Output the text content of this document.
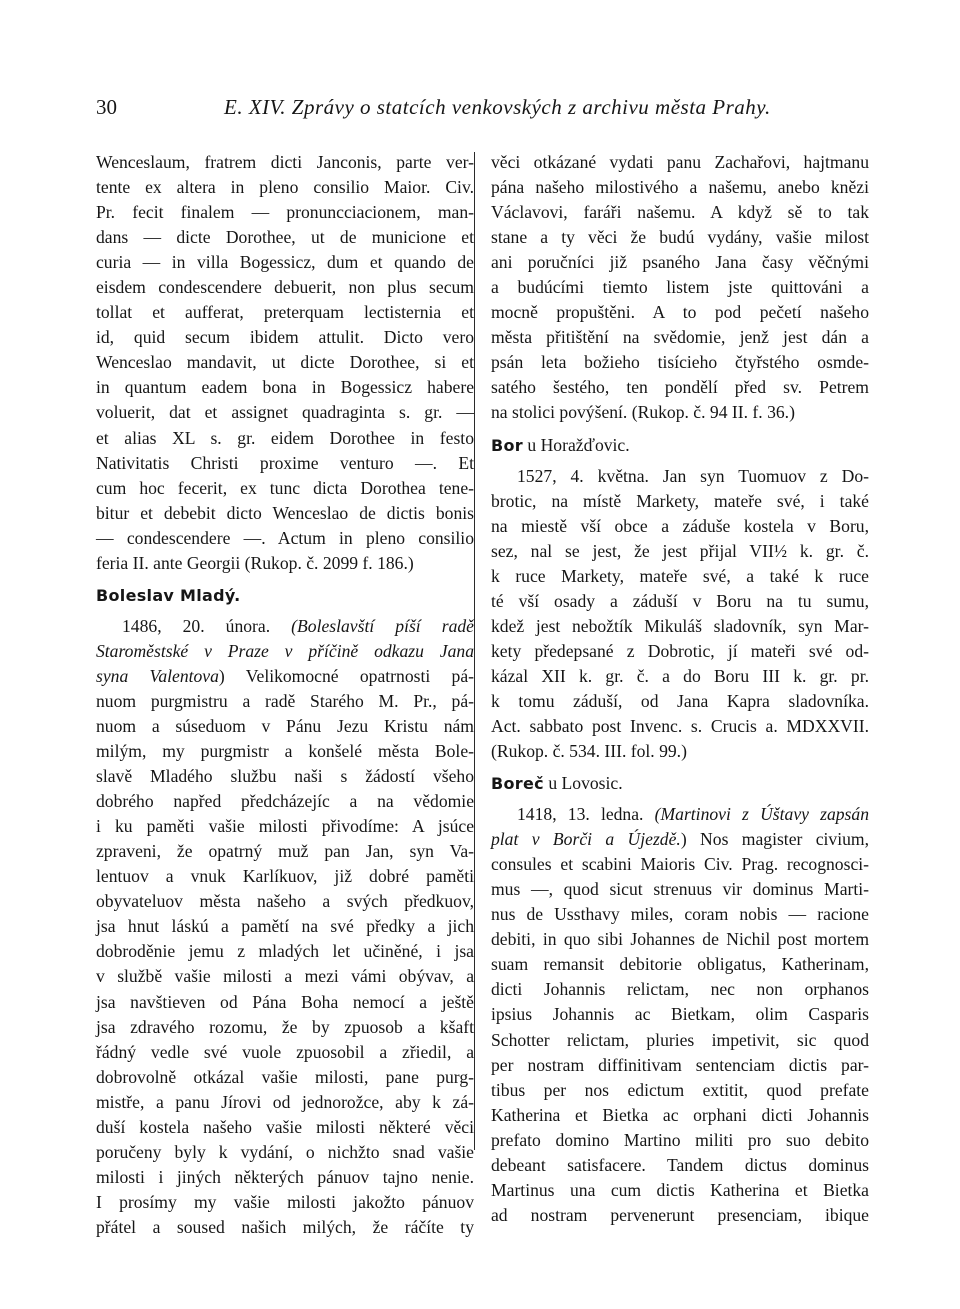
30	E. XIV. Zprávy o statcích venkovských z archivu města Prahy.
Wenceslaum, fratrem dicti Janconis, parte ver-
tente ex altera in pleno consilio Maior. Civ.
Pr. fecit finalem — pronuncciacionem, man-
dans — dicte Dorothee, ut de municione et
curia — in villa Bogessicz, dum et quando de
eisdem condescendere debuerit, non plus secum
tollat et aufferat, preterquam lectisternia et
id, quid secum ibidem attulit. Dicto vero
Wenceslao mandavit, ut dicte Dorothee, si et
in quantum eadem bona in Bogessicz habere
voluerit, dat et assignet quadraginta s. gr. —
et alias XL s. gr. eidem Dorothee in festo
Nativitatis Christi proxime venturo —. Et
cum hoc fecerit, ex tunc dicta Dorothea tene-
bitur et debebit dicto Wenceslao de dictis bonis
— condescendere —. Actum in pleno consilio
feria II. ante Georgii (Rukop. č. 2099 f. 186.)
Boleslav Mladý.
1486, 20. února. (Boleslavští píší radě
Staroměstské v Praze v příčině odkazu Jana
syna Valentova) Velikomocné opatrnosti pá-
nuom purgmistru a radě Starého M. Pr., pá-
nuom a súseduom v Pánu Jezu Kristu nám
milým, my purgmistr a konšelé města Bole-
slavě Mladého službu naši s žádostí všeho
dobrého napřed předcházejíc a na vědomie
i ku paměti vašie milosti přivodíme: A jsúce
zpraveni, že opatrný muž pan Jan, syn Va-
lentuov a vnuk Karlíkuov, již dobré paměti
obyvateluov města našeho a svých předkuov,
jsa hnut láskú a pamětí na své předky a jich
dobroděnie jemu z mladých let učiněné, i jsa
v službě vašie milosti a mezi vámi obývav, a
jsa navštieven od Pána Boha nemocí a ještě
jsa zdravého rozomu, že by zpuosob a kšaft
řádný vedle své vuole zpuosobil a zřiedil, a
dobrovolně otkázal vašie milosti, pane purg-
mistře, a panu Jírovi od jednorožce, aby k zá-
duší kostela našeho vašie milosti některé věci
poručeny byly k vydání, o nichžto snad vašie
milosti i jiných některých pánuov tajno nenie.
I prosímy my vašie milosti jakožto pánuov
přátel a soused našich milých, že ráčíte ty
věci otkázané vydati panu Zachařovi, hajtmanu
pána našeho milostivého a našemu, anebo knězi
Václavovi, faráři našemu. A když sě to tak
stane a ty věci že budú vydány, vašie milost
ani poručníci již psaného Jana časy věčnými
a budúcími tiemto listem jste quittováni a
mocně propuštěni. A to pod pečetí našeho
města přitištění na svědomie, jenž jest dán a
psán leta božieho tisícieho čtyřstého osmde-
satého šestého, ten pondělí před sv. Petrem
na stolici povýšení. (Rukop. č. 94 II. f. 36.)
Bor u Horažďovic.
1527, 4. května. Jan syn Tuomuov z Do-
brotic, na místě Markety, mateře své, i také
na miestě vší obce a záduše kostela v Boru,
sez, nal se jest, že jest přijal VII½ k. gr. č.
k ruce Markety, mateře své, a také k ruce
té vší osady a záduší v Boru na tu sumu,
kdež jest nebožtík Mikuláš sladovník, syn Mar-
kety předepsané z Dobrotic, jí mateři své od-
kázal XII k. gr. č. a do Boru III k. gr. pr.
k tomu záduší, od Jana Kapra sladovníka.
Act. sabbato post Invenc. s. Crucis a. MDXXVII.
(Rukop. č. 534. III. fol. 99.)
Boreč u Lovosic.
1418, 13. ledna. (Martinovi z Úštavy zapsán
plat v Borči a Újezdě.) Nos magister civium,
consules et scabini Maioris Civ. Prag. recognosci-
mus —, quod sicut strenuus vir dominus Marti-
nus de Ussthavy miles, coram nobis — racione
debiti, in quo sibi Johannes de Nichil post mortem
suam remansit debitorie obligatus, Katherinam,
dicti Johannis relictam, nec non orphanos
ipsius Johannis ac Bietkam, olim Casparis
Schotter relictam, pluries impetivit, sic quod
per nostram diffinitivam sentenciam dictis par-
tibus per nos edictum extitit, quod prefate
Katherina et Bietka ac orphani dicti Johannis
prefato domino Martino militi pro suo debito
debeant satisfacere. Tandem dictus dominus
Martinus una cum dictis Katherina et Bietka
ad nostram pervenerunt presenciam, ibique
